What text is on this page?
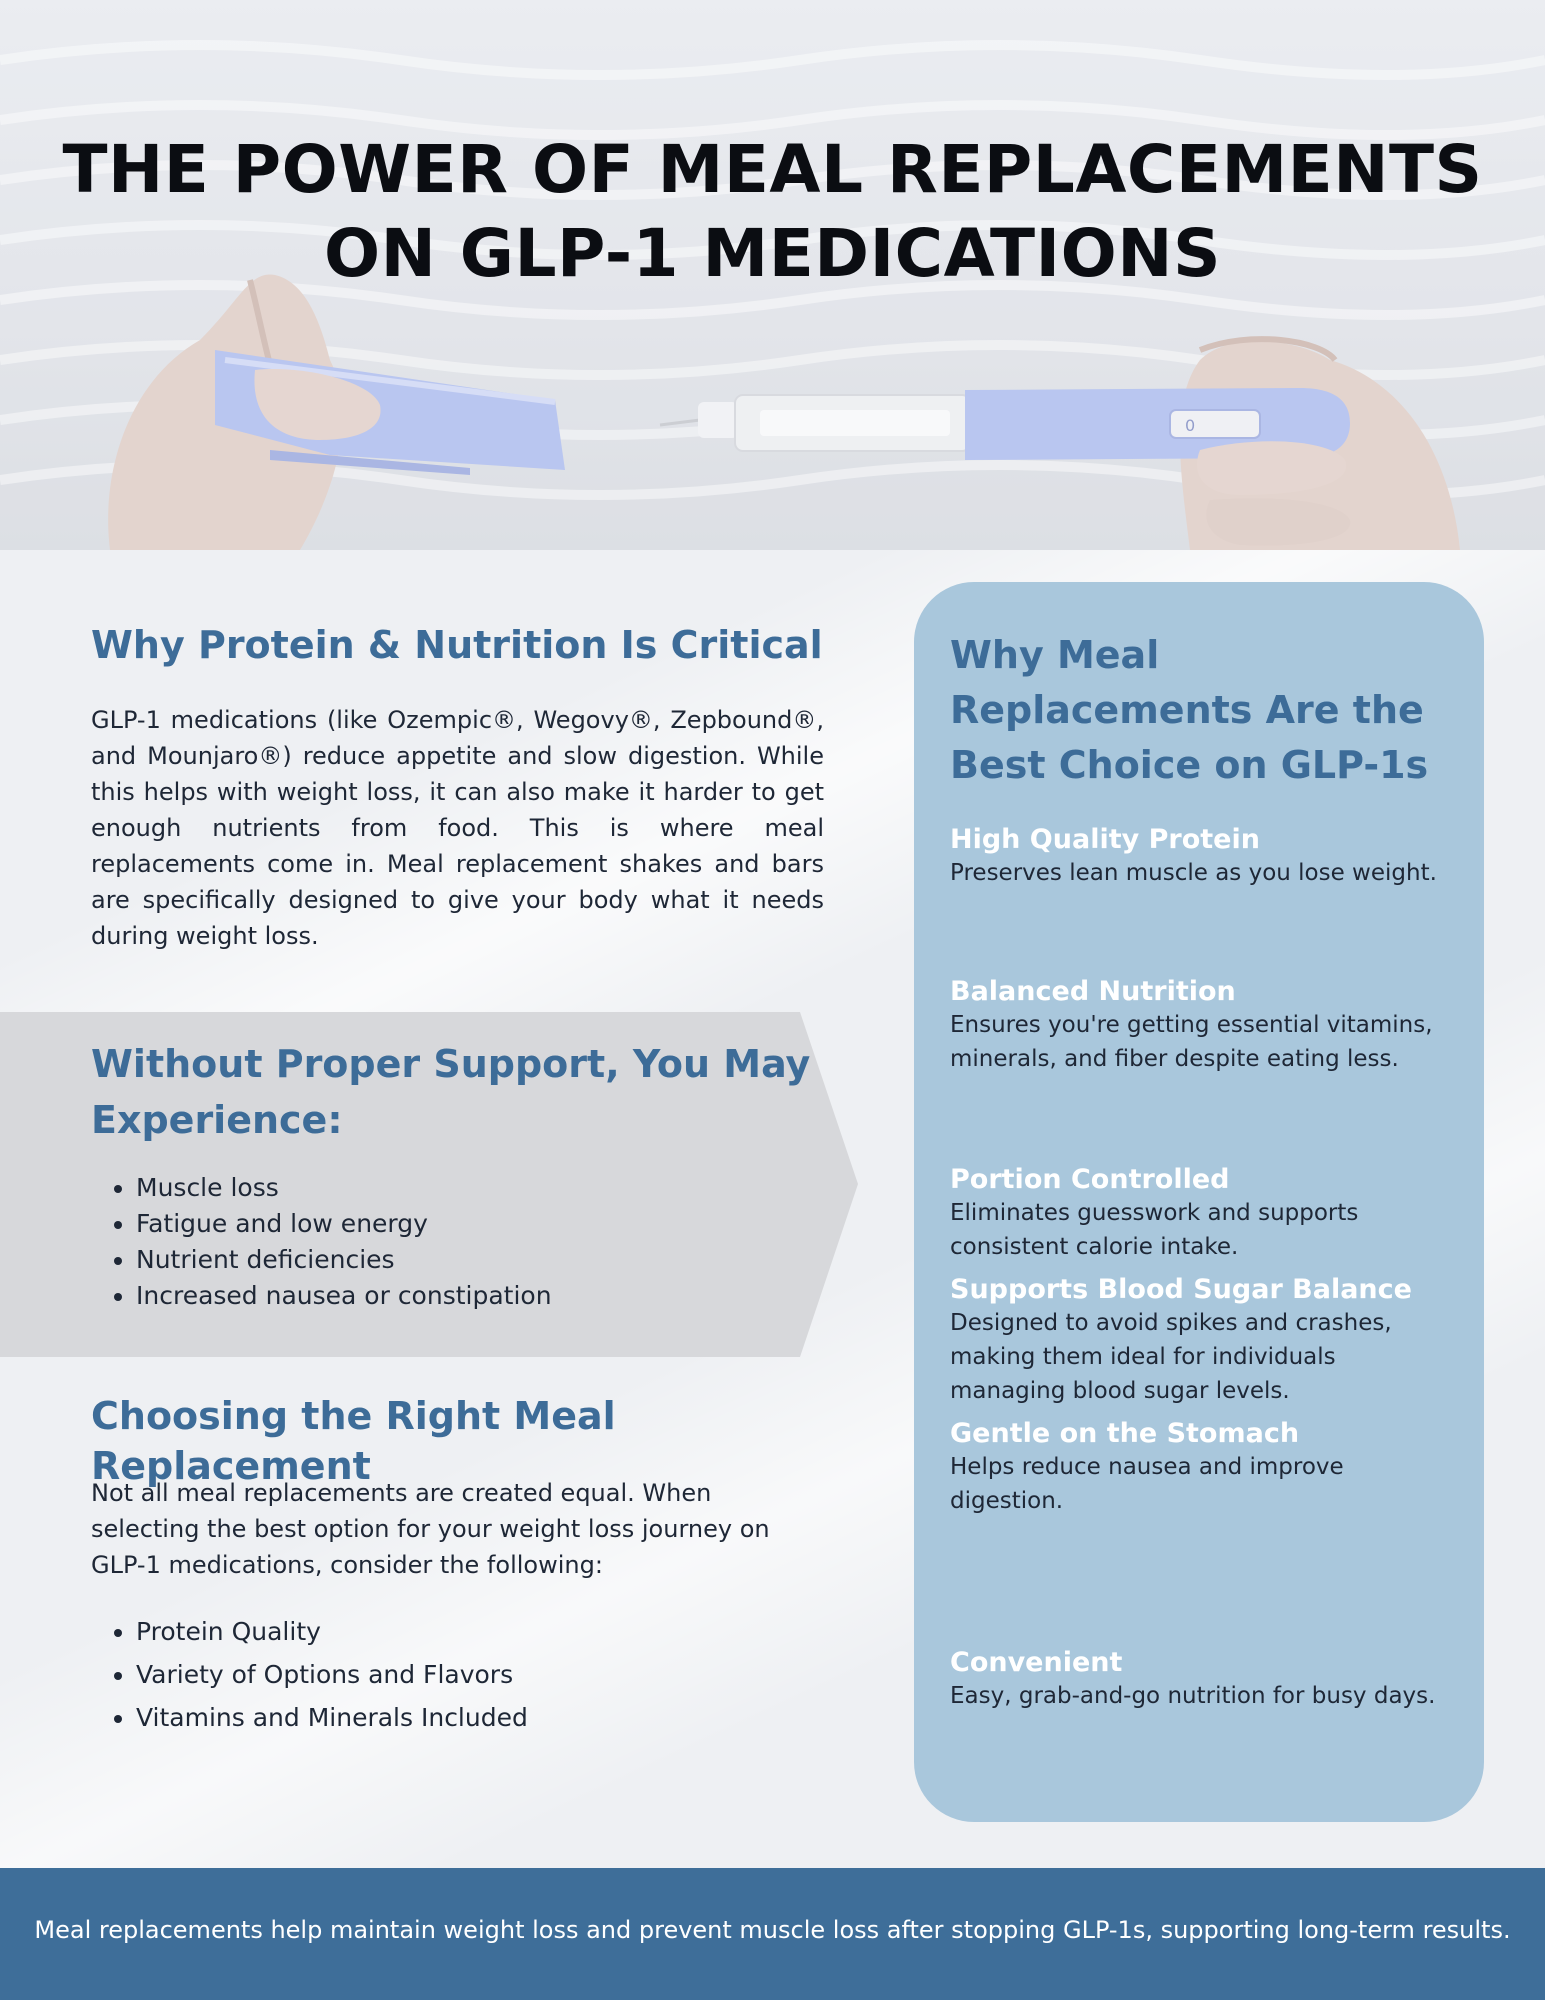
0
THE POWER OF MEAL REPLACEMENTS
ON GLP-1 MEDICATIONS
Why Protein & Nutrition Is Critical

GLP-1 medications (like Ozempic®, Wegovy®, Zepbound®, and Mounjaro®) reduce appetite and slow digestion. While this helps with weight loss, it can also make it harder to get enough nutrients from food. This is where meal replacements come in. Meal replacement shakes and bars are specifically designed to give your body what it needs during weight loss.

Without Proper Support, You May
Experience:
• Muscle loss
• Fatigue and low energy
• Nutrient deficiencies
• Increased nausea or constipation
Choosing the Right Meal Replacement

Not all meal replacements are created equal. When selecting the best option for your weight loss journey on GLP-1 medications, consider the following:

• Protein Quality
• Variety of Options and Flavors
• Vitamins and Minerals Included
Why Meal Replacements Are the Best Choice on GLP-1s

High Quality Protein

Preserves lean muscle as you lose weight.

Balanced Nutrition

Ensures you're getting essential vitamins, minerals, and fiber despite eating less.

Portion Controlled

Eliminates guesswork and supports consistent calorie intake.

Supports Blood Sugar Balance

Designed to avoid spikes and crashes, making them ideal for individuals managing blood sugar levels.

Gentle on the Stomach

Helps reduce nausea and improve digestion.

Convenient

Easy, grab-and-go nutrition for busy days.

Meal replacements help maintain weight loss and prevent muscle loss after stopping GLP-1s, supporting long-term results.
